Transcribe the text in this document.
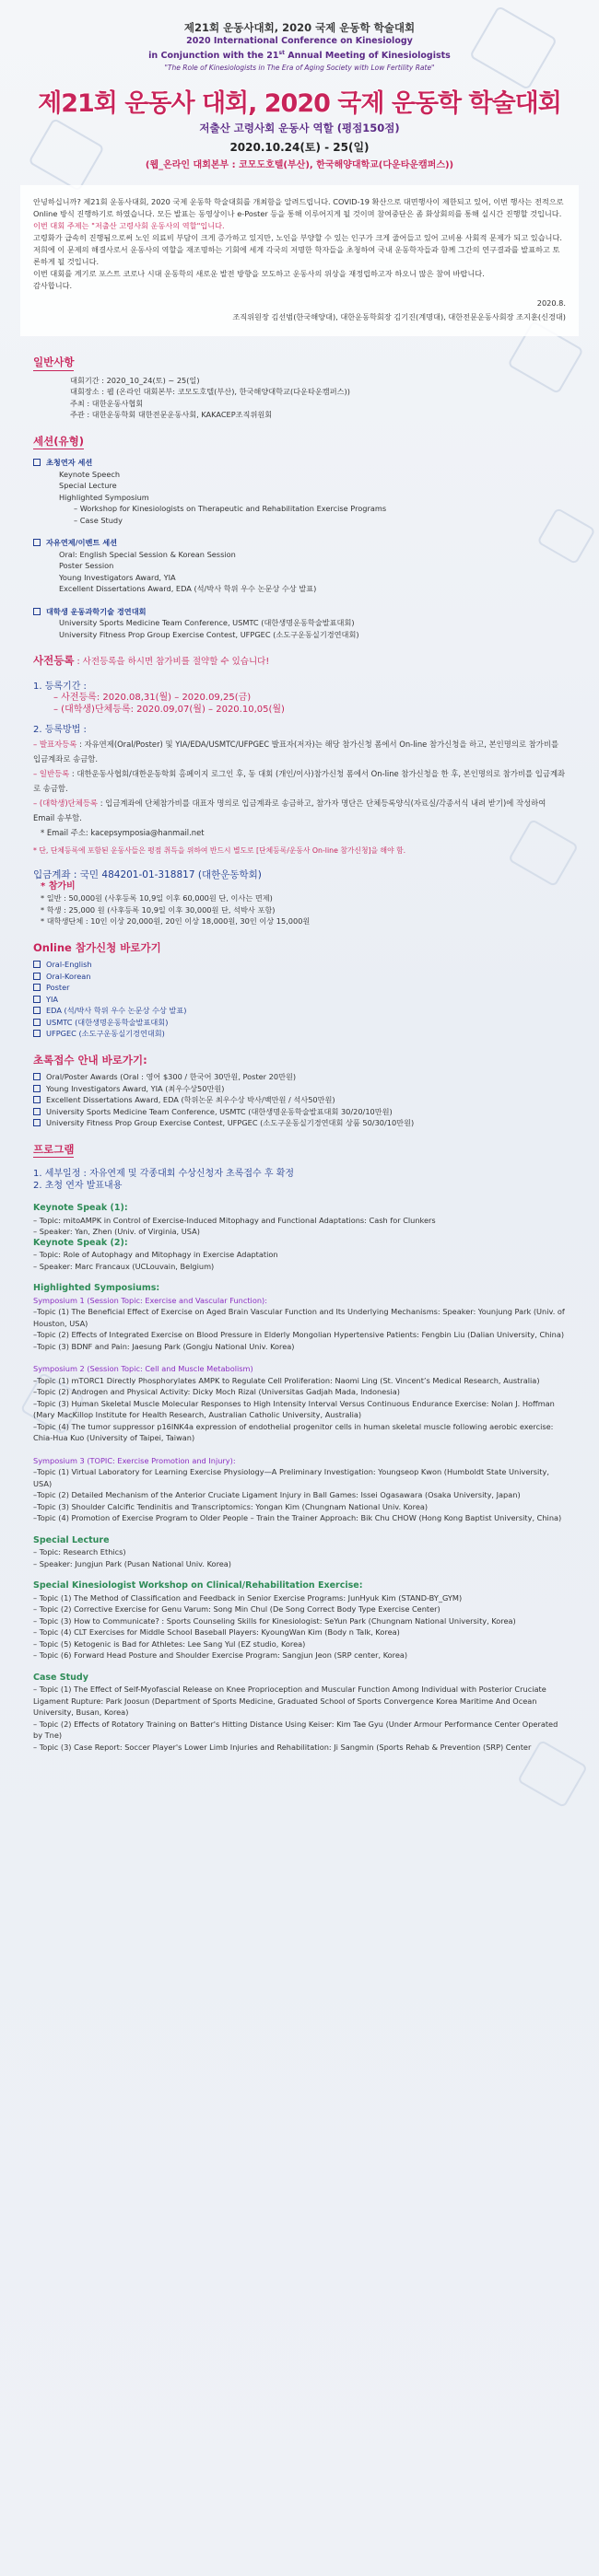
제21회 운동사대회, 2020 국제 운동학 학술대회
2020 International Conference on Kinesiology
in Conjunction with the 21st Annual Meeting of Kinesiologists
"The Role of Kinesiologists in The Era of Aging Society with Low Fertility Rate"
제21회 운동사 대회, 2020 국제 운동학 학술대회
저출산 고령사회 운동사 역할 (평점150점)
2020.10.24(토) - 25(일)
(웹_온라인 대회본부 : 코모도호텔(부산), 한국해양대학교(다운타운캠퍼스))
안녕하십니까? 제21회 운동사대회, 2020 국제 운동학 학술대회를 개최함을 알려드립니다. COVID-19 확산으로 대면행사이 제한되고 있어, 이번 행사는 전적으로 Online 방식 진행하기로 하였습니다. 모든 발표는 동영상이나 e-Poster 등을 통해 이루어지게 될 것이며 참여중단은 좀 화상회의를 통해 실시간 진행할 것입니다.
이번 대회 주제는 "저출산 고령사회 운동사의 역할"입니다.
고령화가 급속히 진행됨으로써 노인 의료비 부담이 크게 증가하고 있지만, 노인을 부양할 수 있는 인구가 크게 줄어들고 있어 고비용 사회적 문제가 되고 있습니다. 저희에 이 문제의 해결사로서 운동사의 역할을 재조명하는 기회에 세계 각국의 저명한 학자들을 초청하여 국내 운동학자들과 함께 그간의 연구결과를 발표하고 토론하게 될 것입니다.
이번 대회를 계기로 포스트 코로나 시대 운동학의 새로운 발전 방향을 모도하고 운동사의 위상을 재정립하고자 하오니 많은 참여 바랍니다.
감사합니다.
2020.8.
조직위원장 김선범(한국해양대), 대한운동학회장 김기진(계명대), 대한전문운동사회장 조지훈(신경대)
일반사항
대회기간 : 2020_10_24(토) ~ 25(일)
대회장소 : 웹 (온라인 대회본부: 코모도호텔(부산), 한국해양대학교(다운타운캠퍼스))
주최 : 대한운동사협회
주관 : 대한운동학회 대한전문운동사회, KAKACEP조직위원회
세션(유형)
초청연자 세션
Keynote Speech
Special Lecture
Highlighted Symposium
– Workshop for Kinesiologists on Therapeutic and Rehabilitation Exercise Programs
– Case Study
자유연제/이벤트 세션
Oral: English Special Session & Korean Session
Poster Session
Young Investigators Award, YIA
Excellent Dissertations Award, EDA (석/박사 학위 우수 논문상 수상 발표)
대학생 운동과학기술 경연대회
University Sports Medicine Team Conference, USMTC (대한생명운동학술발표대회)
University Fitness Prop Group Exercise Contest, UFPGEC (소도구운동실기경연대회)
사전등록 : 사전등록을 하시면 참가비를 절약할 수 있습니다!
1. 등록기간 :
– 사전등록: 2020.08,31(월) – 2020.09,25(금)
– (대학생)단체등록: 2020.09,07(월) – 2020.10,05(월)
2. 등록방법 :
– 발표자등록 : 자유연제(Oral/Poster) 및 YIA/EDA/USMTC/UFPGEC 발표자(저자)는 해당 참가신청 폼에서 On-line 참가신청을 하고, 본인명의로 참가비를 입금계좌로 송금함.
– 일반등록 : 대한운동사협회/대한운동학회 홈페이지 로그인 후, 동 대회 (개인/이사)참가신청 폼에서 On-line 참가신청을 한 후, 본인명의로 참가비를 입금계좌로 송금함.
– (대학생)단체등록 : 입금계좌에 단체참가비를 대표자 명의로 입금계좌로 송금하고, 참가자 명단은 단체등록양식(자료실/각종서식 내려 받기)에 작성하여 Email 송부함.
* Email 주소: kacepsymposia@hanmail.net
* 단, 단체등록에 포함된 운동사들은 평점 취득을 위하여 반드시 별도로 [단체등록/운동사 On-line 참가신청]을 해야 함.
입금계좌 : 국민 484201-01-318817 (대한운동학회)
* 참가비
* 일반 : 50,000원 (사후등록 10,9일 이후 60,000원 단, 이사는 면제)
* 학생 : 25,000 원 (사후등록 10,9일 이후 30,000원 단, 석박사 포함)
* 대학생단체 : 10인 이상 20,000원, 20인 이상 18,000원, 30인 이상 15,000원
Online 참가신청 바로가기
Oral-English
Oral-Korean
Poster
YIA
EDA (석/박사 학위 우수 논문상 수상 발표)
USMTC (대한생명운동학술발표대회)
UFPGEC (소도구운동실기경연대회)
초록접수 안내 바로가기:
Oral/Poster Awards (Oral : 영어 $300 / 한국어 30만원, Poster 20만원)
Young Investigators Award, YIA (최우수상50만원)
Excellent Dissertations Award, EDA (학위논문 최우수상 박사/백만원 / 석사50만원)
University Sports Medicine Team Conference, USMTC (대한생명운동학술발표대회 30/20/10만원)
University Fitness Prop Group Exercise Contest, UFPGEC (소도구운동실기경연대회 상품 50/30/10만원)
프로그램
1. 세부일정 : 자유연제 및 각종대회 수상신청자 초록접수 후 확정
2. 초청 연자 발표내용
Keynote Speak (1):
– Topic: mitoAMPK in Control of Exercise-Induced Mitophagy and Functional Adaptations: Cash for Clunkers
– Speaker: Yan, Zhen (Univ. of Virginia, USA)
Keynote Speak (2):
– Topic: Role of Autophagy and Mitophagy in Exercise Adaptation
– Speaker: Marc Francaux (UCLouvain, Belgium)
Highlighted Symposiums:
Symposium 1 (Session Topic: Exercise and Vascular Function):
–Topic (1) The Beneficial Effect of Exercise on Aged Brain Vascular Function and Its Underlying Mechanisms: Speaker: Younjung Park (Univ. of Houston, USA)
–Topic (2) Effects of Integrated Exercise on Blood Pressure in Elderly Mongolian Hypertensive Patients: Fengbin Liu (Dalian University, China)
–Topic (3) BDNF and Pain: Jaesung Park (Gongju National Univ. Korea)
Symposium 2 (Session Topic: Cell and Muscle Metabolism)
–Topic (1) mTORC1 Directly Phosphorylates AMPK to Regulate Cell Proliferation: Naomi Ling (St. Vincent’s Medical Research, Australia)
–Topic (2) Androgen and Physical Activity: Dicky Moch Rizal (Universitas Gadjah Mada, Indonesia)
–Topic (3) Human Skeletal Muscle Molecular Responses to High Intensity Interval Versus Continuous Endurance Exercise: Nolan J. Hoffman (Mary MacKillop Institute for Health Research, Australian Catholic University, Australia)
–Topic (4) The tumor suppressor p16INK4a expression of endothelial progenitor cells in human skeletal muscle following aerobic exercise: Chia-Hua Kuo (University of Taipei, Taiwan)
Symposium 3 (TOPIC: Exercise Promotion and Injury):
–Topic (1) Virtual Laboratory for Learning Exercise Physiology—A Preliminary Investigation: Youngseop Kwon (Humboldt State University, USA)
–Topic (2) Detailed Mechanism of the Anterior Cruciate Ligament Injury in Ball Games: Issei Ogasawara (Osaka University, Japan)
–Topic (3) Shoulder Calcific Tendinitis and Transcriptomics: Yongan Kim (Chungnam National Univ. Korea)
–Topic (4) Promotion of Exercise Program to Older People – Train the Trainer Approach: Bik Chu CHOW (Hong Kong Baptist University, China)
Special Lecture
– Topic: Research Ethics)
– Speaker: Jungjun Park (Pusan National Univ. Korea)
Special Kinesiologist Workshop on Clinical/Rehabilitation Exercise:
– Topic (1) The Method of Classification and Feedback in Senior Exercise Programs: JunHyuk Kim (STAND-BY_GYM)
– Topic (2) Corrective Exercise for Genu Varum: Song Min Chul (De Song Correct Body Type Exercise Center)
– Topic (3) How to Communicate? : Sports Counseling Skills for Kinesiologist: SeYun Park (Chungnam National University, Korea)
– Topic (4) CLT Exercises for Middle School Baseball Players: KyoungWan Kim (Body n Talk, Korea)
– Topic (5) Ketogenic is Bad for Athletes: Lee Sang Yul (EZ studio, Korea)
– Topic (6) Forward Head Posture and Shoulder Exercise Program: Sangjun Jeon (SRP center, Korea)
Case Study
– Topic (1) The Effect of Self-Myofascial Release on Knee Proprioception and Muscular Function Among Individual with Posterior Cruciate Ligament Rupture: Park Joosun (Department of Sports Medicine, Graduated School of Sports Convergence Korea Maritime And Ocean University, Busan, Korea)
– Topic (2) Effects of Rotatory Training on Batter's Hitting Distance Using Keiser: Kim Tae Gyu (Under Armour Performance Center Operated by Tne)
– Topic (3) Case Report: Soccer Player's Lower Limb Injuries and Rehabilitation: Ji Sangmin (Sports Rehab & Prevention (SRP) Center
